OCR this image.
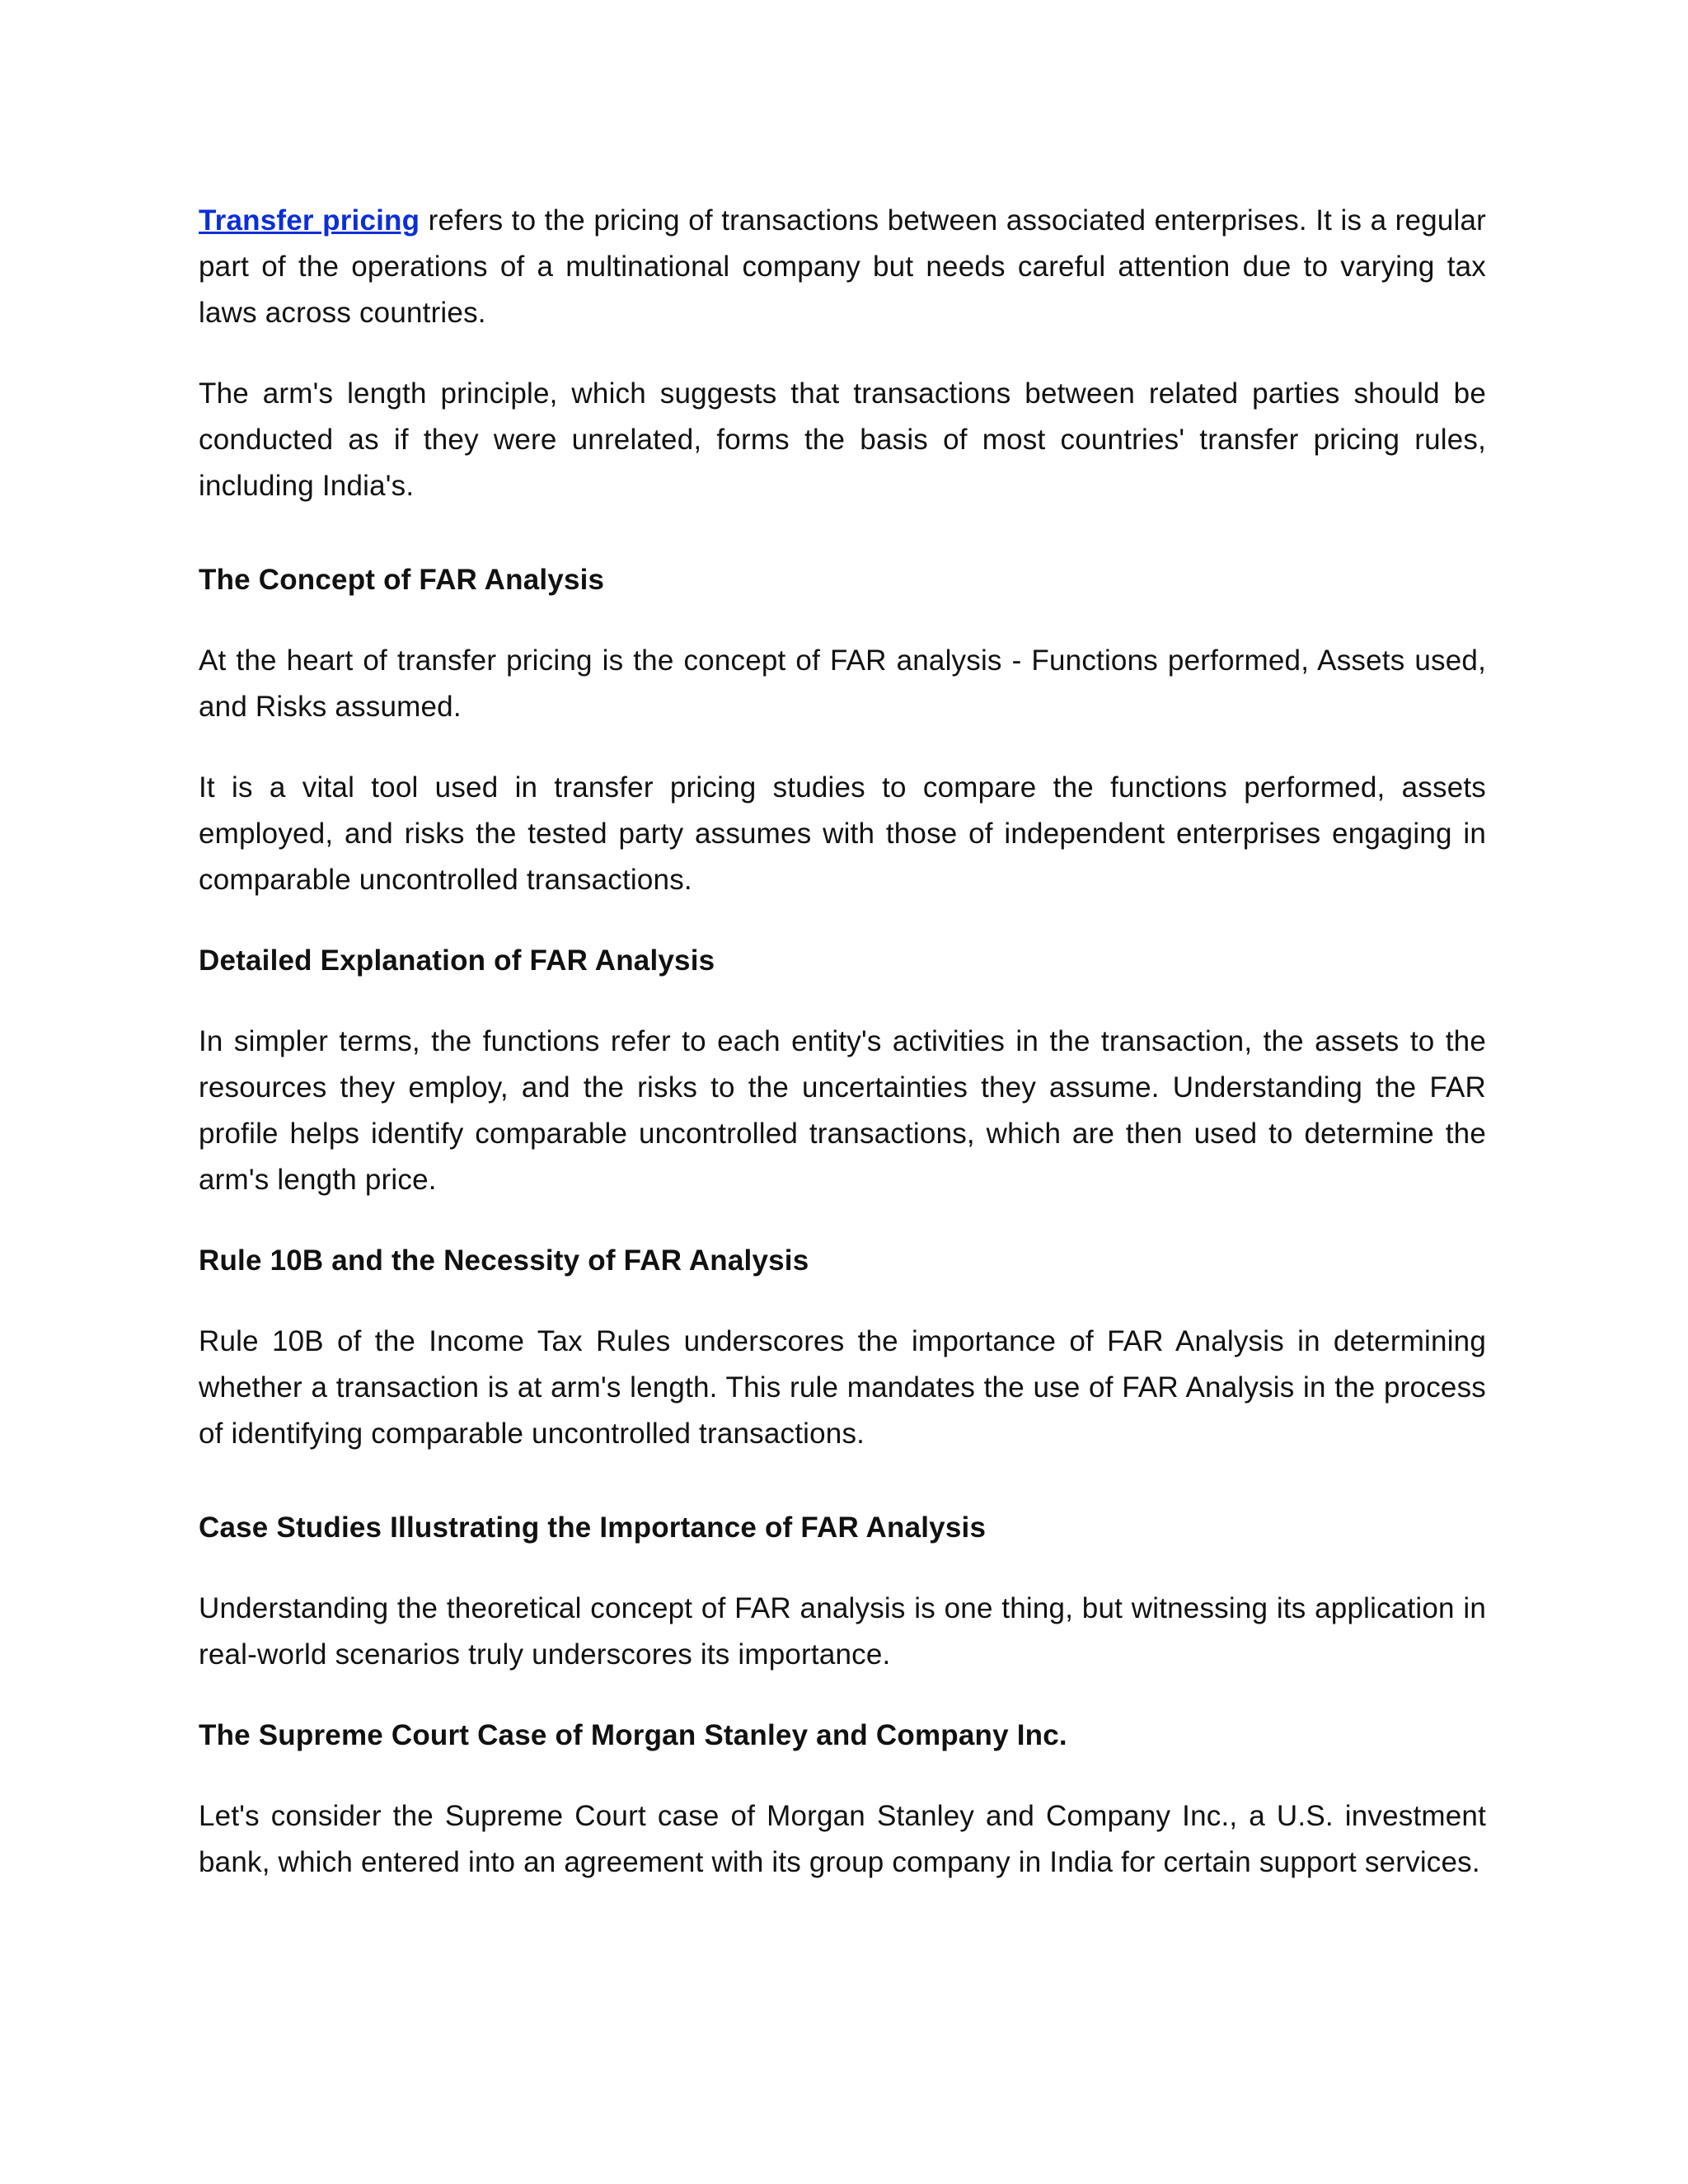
Transfer pricing refers to the pricing of transactions between associated enterprises. It is a regular part of the operations of a multinational company but needs careful attention due to varying tax laws across countries.

The arm's length principle, which suggests that transactions between related parties should be conducted as if they were unrelated, forms the basis of most countries' transfer pricing rules, including India's.

The Concept of FAR Analysis

At the heart of transfer pricing is the concept of FAR analysis - Functions performed, Assets used, and Risks assumed.

It is a vital tool used in transfer pricing studies to compare the functions performed, assets employed, and risks the tested party assumes with those of independent enterprises engaging in comparable uncontrolled transactions.

Detailed Explanation of FAR Analysis

In simpler terms, the functions refer to each entity's activities in the transaction, the assets to the resources they employ, and the risks to the uncertainties they assume. Understanding the FAR profile helps identify comparable uncontrolled transactions, which are then used to determine the arm's length price.

Rule 10B and the Necessity of FAR Analysis

Rule 10B of the Income Tax Rules underscores the importance of FAR Analysis in determining whether a transaction is at arm's length. This rule mandates the use of FAR Analysis in the process of identifying comparable uncontrolled transactions.

Case Studies Illustrating the Importance of FAR Analysis

Understanding the theoretical concept of FAR analysis is one thing, but witnessing its application in real-world scenarios truly underscores its importance.

The Supreme Court Case of Morgan Stanley and Company Inc.

Let's consider the Supreme Court case of Morgan Stanley and Company Inc., a U.S. investment bank, which entered into an agreement with its group company in India for certain support services.
